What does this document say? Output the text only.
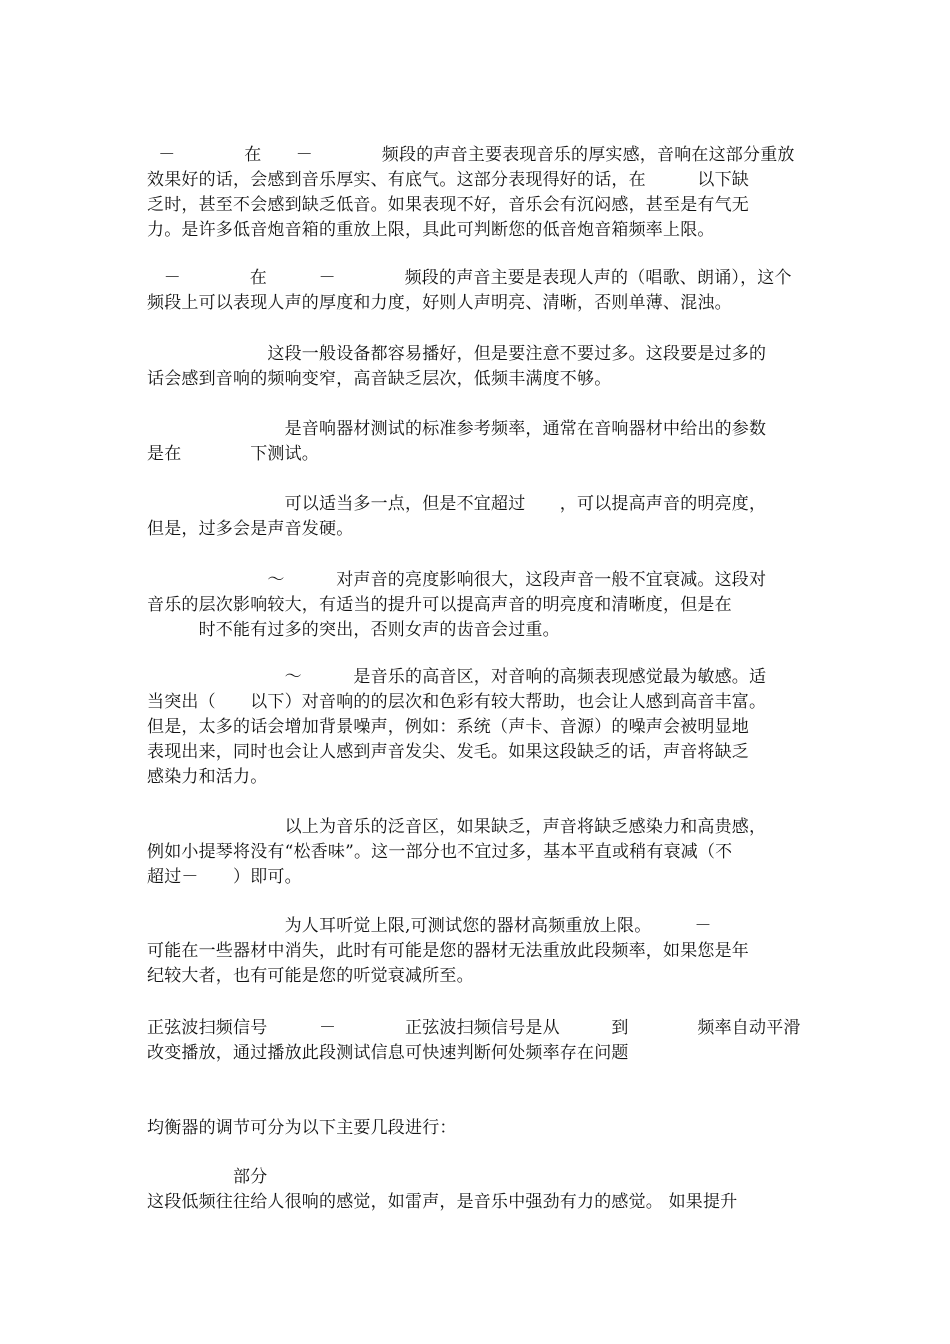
－　　　　在　　－　　　　频段的声音主要表现音乐的厚实感，音响在这部分重放
效果好的话，会感到音乐厚实、有底气。这部分表现得好的话，在　　　以下缺
乏时，甚至不会感到缺乏低音。如果表现不好，音乐会有沉闷感，甚至是有气无
力。是许多低音炮音箱的重放上限，具此可判断您的低音炮音箱频率上限。
－　　　　在　　　－　　　　频段的声音主要是表现人声的（唱歌、朗诵），这个
频段上可以表现人声的厚度和力度，好则人声明亮、清晰，否则单薄、混浊。
　　　　　　　这段一般设备都容易播好，但是要注意不要过多。这段要是过多的
话会感到音响的频响变窄，高音缺乏层次，低频丰满度不够。
　　　　　　　　是音响器材测试的标准参考频率，通常在音响器材中给出的参数
是在　　　　下测试。
　　　　　　　　可以适当多一点，但是不宜超过　　，可以提高声音的明亮度，
但是，过多会是声音发硬。
　　　　　　　～　　　对声音的亮度影响很大，这段声音一般不宜衰减。这段对
音乐的层次影响较大，有适当的提升可以提高声音的明亮度和清晰度，但是在
　　　时不能有过多的突出，否则女声的齿音会过重。
　　　　　　　　～　　　是音乐的高音区，对音响的高频表现感觉最为敏感。适
当突出（　　以下）对音响的的层次和色彩有较大帮助，也会让人感到高音丰富。
但是，太多的话会增加背景噪声，例如：系统（声卡、音源）的噪声会被明显地
表现出来，同时也会让人感到声音发尖、发毛。如果这段缺乏的话，声音将缺乏
感染力和活力。
　　　　　　　　以上为音乐的泛音区，如果缺乏，声音将缺乏感染力和高贵感，
例如小提琴将没有“松香味”。这一部分也不宜过多，基本平直或稍有衰减（不
超过－　　）即可。
　　　　　　　　为人耳听觉上限,可测试您的器材高频重放上限。　　　－
可能在一些器材中消失，此时有可能是您的器材无法重放此段频率，如果您是年
纪较大者，也有可能是您的听觉衰减所至。
正弦波扫频信号　　　－　　　　正弦波扫频信号是从　　　到　　　　频率自动平滑
改变播放，通过播放此段测试信息可快速判断何处频率存在问题
均衡器的调节可分为以下主要几段进行：
　　　　　部分
这段低频往往给人很响的感觉，如雷声，是音乐中强劲有力的感觉。 如果提升
